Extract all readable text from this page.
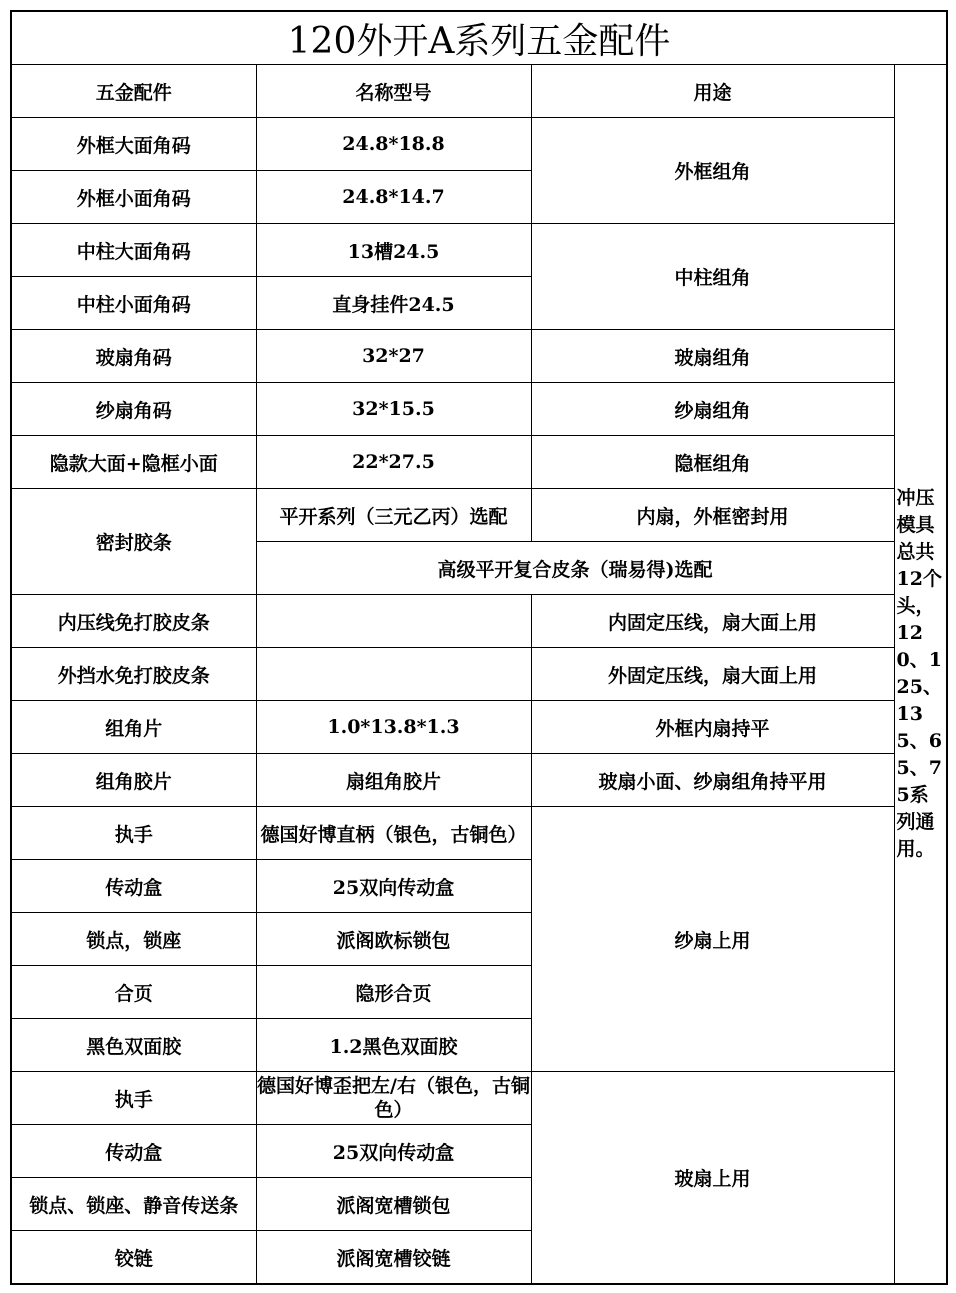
120外开A系列五金配件			
五金配件	名称型号	用途	冲压模具总共12个头，120、125、135、65、75系列通用。
外框大面角码	24.8*18.8	外框组角	
外框小面角码	24.8*14.7		
中柱大面角码	13槽24.5	中柱组角	
中柱小面角码	直身挂件24.5		
玻扇角码	32*27	玻扇组角	
纱扇角码	32*15.5	纱扇组角	
隐款大面+隐框小面	22*27.5	隐框组角	
密封胶条	平开系列（三元乙丙）选配	内扇，外框密封用	
	高级平开复合皮条（瑞易得)选配		
内压线免打胶皮条		内固定压线，扇大面上用	
外挡水免打胶皮条		外固定压线，扇大面上用	
组角片	1.0*13.8*1.3	外框内扇持平	
组角胶片	扇组角胶片	玻扇小面、纱扇组角持平用	
执手	德国好博直柄（银色，古铜色）	纱扇上用	
传动盒	25双向传动盒		
锁点，锁座	派阁欧标锁包		
合页	隐形合页		
黑色双面胶	1.2黑色双面胶		
执手	德国好博歪把左/右（银色，古铜色）	玻扇上用	
传动盒	25双向传动盒		
锁点、锁座、静音传送条	派阁宽槽锁包		
铰链	派阁宽槽铰链		
